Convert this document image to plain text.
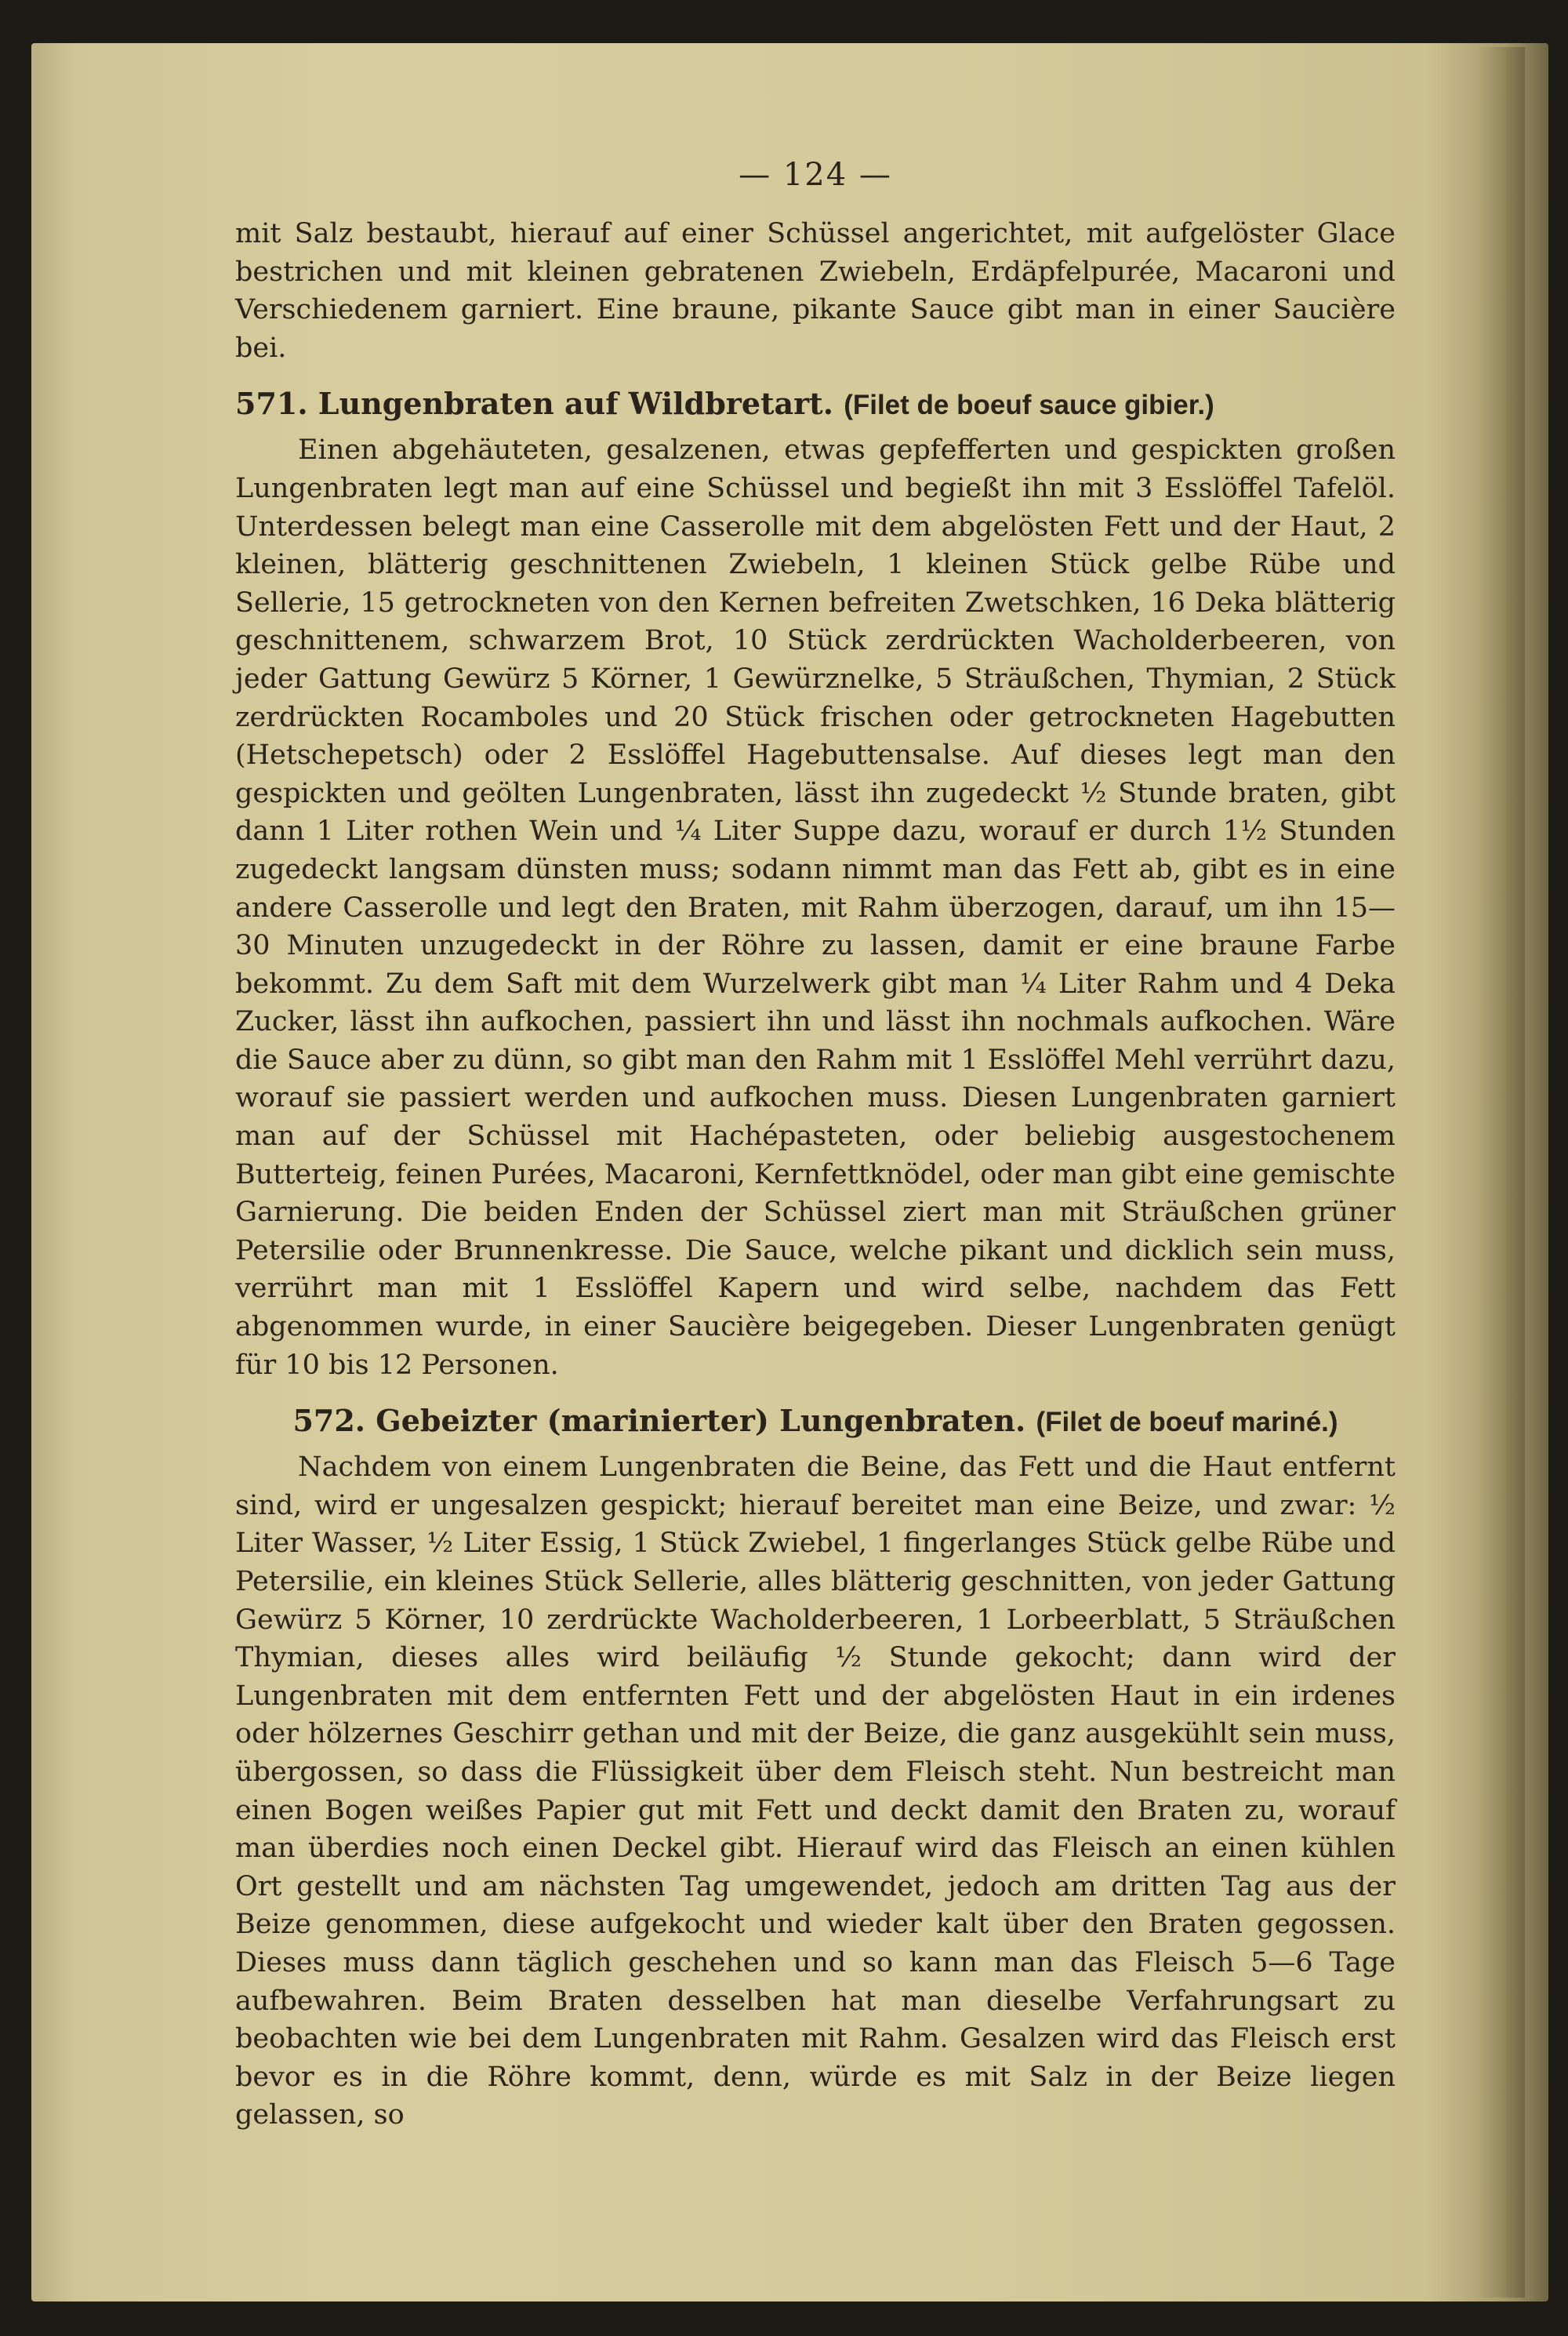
— 124 —

mit Salz bestaubt, hierauf auf einer Schüssel angerichtet, mit aufgelöster Glace bestrichen und mit kleinen gebratenen Zwiebeln, Erdäpfelpurée, Macaroni und Verschiedenem garniert. Eine braune, pikante Sauce gibt man in einer Saucière bei.

571. Lungenbraten auf Wildbretart. (Filet de boeuf sauce gibier.)

Einen abgehäuteten, gesalzenen, etwas gepfefferten und gespickten großen Lungenbraten legt man auf eine Schüssel und begießt ihn mit 3 Esslöffel Tafelöl. Unterdessen belegt man eine Casserolle mit dem abgelösten Fett und der Haut, 2 kleinen, blätterig geschnittenen Zwiebeln, 1 kleinen Stück gelbe Rübe und Sellerie, 15 getrockneten von den Kernen befreiten Zwetschken, 16 Deka blätterig geschnittenem, schwarzem Brot, 10 Stück zerdrückten Wacholderbeeren, von jeder Gattung Gewürz 5 Körner, 1 Gewürznelke, 5 Sträußchen, Thymian, 2 Stück zerdrückten Rocamboles und 20 Stück frischen oder getrockneten Hagebutten (Hetschepetsch) oder 2 Esslöffel Hagebuttensalse. Auf dieses legt man den gespickten und geölten Lungenbraten, lässt ihn zugedeckt ½ Stunde braten, gibt dann 1 Liter rothen Wein und ¼ Liter Suppe dazu, worauf er durch 1½ Stunden zugedeckt langsam dünsten muss; sodann nimmt man das Fett ab, gibt es in eine andere Casserolle und legt den Braten, mit Rahm überzogen, darauf, um ihn 15—30 Minuten unzugedeckt in der Röhre zu lassen, damit er eine braune Farbe bekommt. Zu dem Saft mit dem Wurzelwerk gibt man ¼ Liter Rahm und 4 Deka Zucker, lässt ihn aufkochen, passiert ihn und lässt ihn nochmals aufkochen. Wäre die Sauce aber zu dünn, so gibt man den Rahm mit 1 Esslöffel Mehl verrührt dazu, worauf sie passiert werden und aufkochen muss. Diesen Lungenbraten garniert man auf der Schüssel mit Hachépasteten, oder beliebig ausgestochenem Butterteig, feinen Purées, Macaroni, Kernfettknödel, oder man gibt eine gemischte Garnierung. Die beiden Enden der Schüssel ziert man mit Sträußchen grüner Petersilie oder Brunnenkresse. Die Sauce, welche pikant und dicklich sein muss, verrührt man mit 1 Esslöffel Kapern und wird selbe, nachdem das Fett abgenommen wurde, in einer Saucière beigegeben. Dieser Lungenbraten genügt für 10 bis 12 Personen.

572. Gebeizter (marinierter) Lungenbraten. (Filet de boeuf mariné.)

Nachdem von einem Lungenbraten die Beine, das Fett und die Haut entfernt sind, wird er ungesalzen gespickt; hierauf bereitet man eine Beize, und zwar: ½ Liter Wasser, ½ Liter Essig, 1 Stück Zwiebel, 1 fingerlanges Stück gelbe Rübe und Petersilie, ein kleines Stück Sellerie, alles blätterig geschnitten, von jeder Gattung Gewürz 5 Körner, 10 zerdrückte Wacholderbeeren, 1 Lorbeerblatt, 5 Sträußchen Thymian, dieses alles wird beiläufig ½ Stunde gekocht; dann wird der Lungenbraten mit dem entfernten Fett und der abgelösten Haut in ein irdenes oder hölzernes Geschirr gethan und mit der Beize, die ganz ausgekühlt sein muss, übergossen, so dass die Flüssigkeit über dem Fleisch steht. Nun bestreicht man einen Bogen weißes Papier gut mit Fett und deckt damit den Braten zu, worauf man überdies noch einen Deckel gibt. Hierauf wird das Fleisch an einen kühlen Ort gestellt und am nächsten Tag umgewendet, jedoch am dritten Tag aus der Beize genommen, diese aufgekocht und wieder kalt über den Braten gegossen. Dieses muss dann täglich geschehen und so kann man das Fleisch 5—6 Tage aufbewahren. Beim Braten desselben hat man dieselbe Verfahrungsart zu beobachten wie bei dem Lungenbraten mit Rahm. Gesalzen wird das Fleisch erst bevor es in die Röhre kommt, denn, würde es mit Salz in der Beize liegen gelassen, so
